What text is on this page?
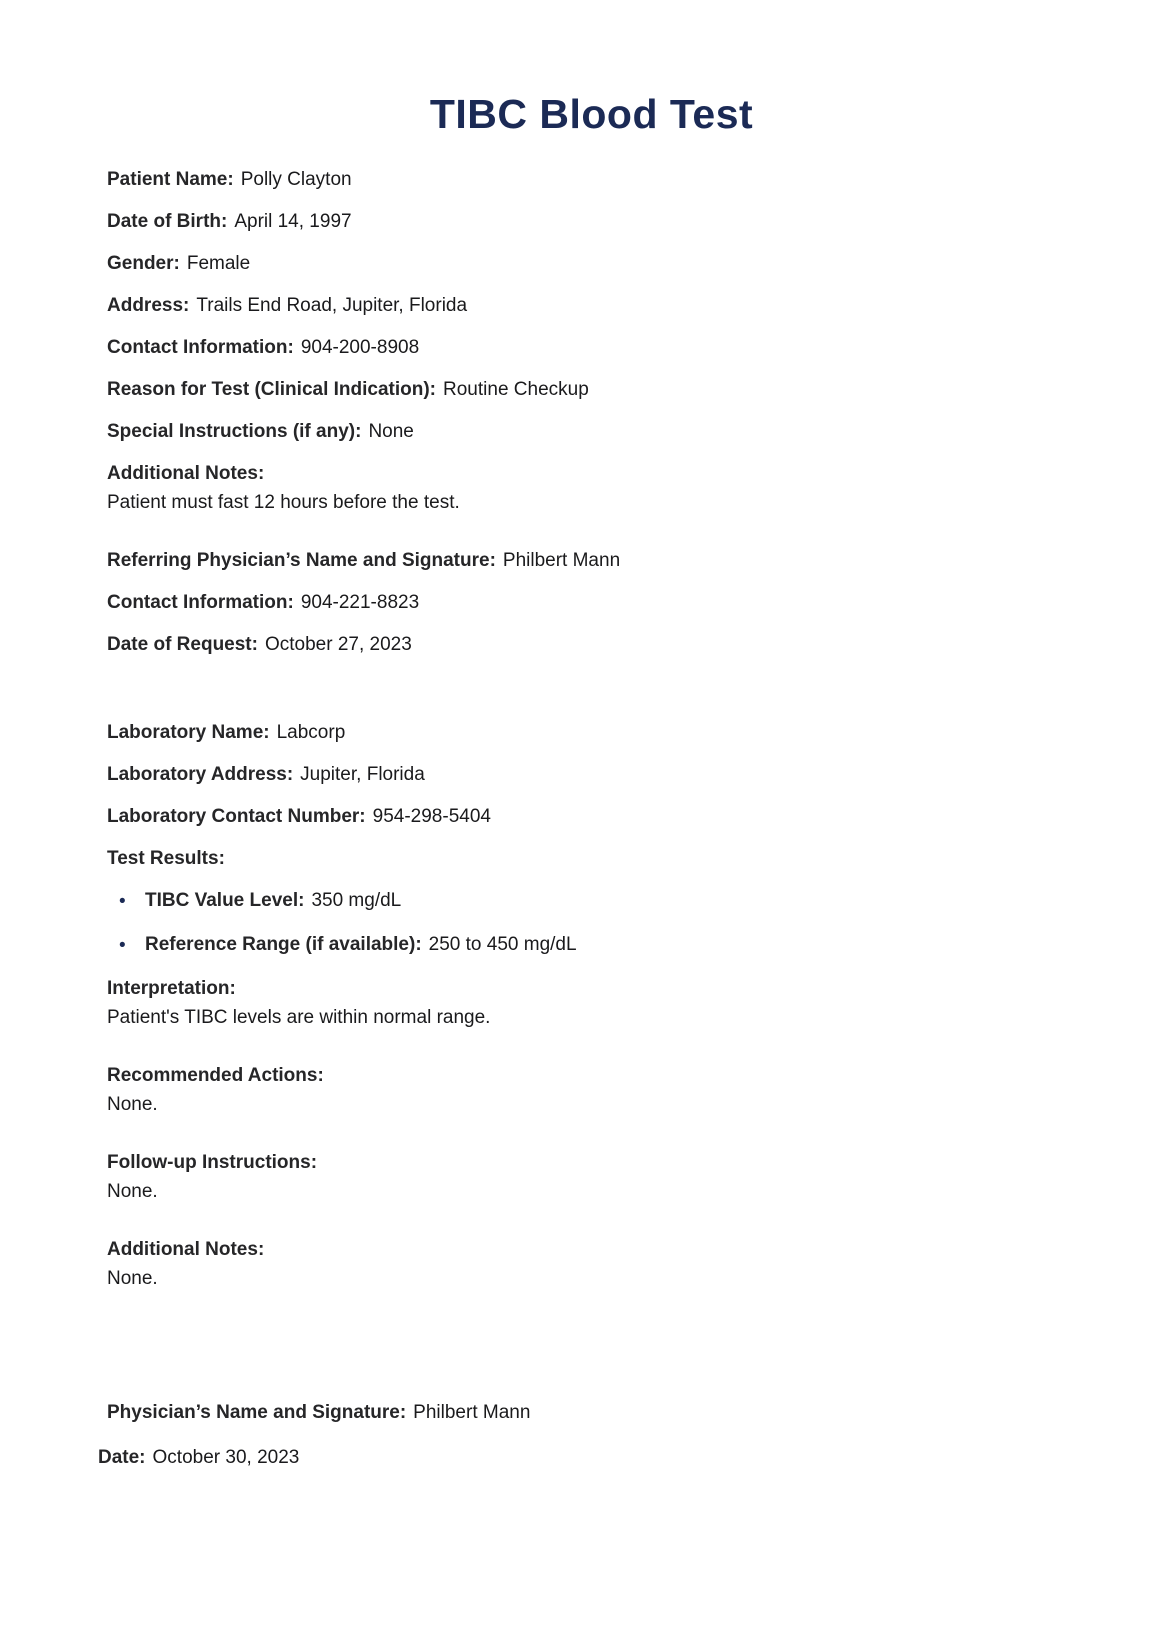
TIBC Blood Test
Patient Name: Polly Clayton
Date of Birth: April 14, 1997
Gender: Female
Address: Trails End Road, Jupiter, Florida
Contact Information: 904-200-8908
Reason for Test (Clinical Indication): Routine Checkup
Special Instructions (if any): None
Additional Notes:
Patient must fast 12 hours before the test.
Referring Physician’s Name and Signature: Philbert Mann
Contact Information: 904-221-8823
Date of Request: October 27, 2023
Laboratory Name: Labcorp
Laboratory Address: Jupiter, Florida
Laboratory Contact Number: 954-298-5404
Test Results:
• TIBC Value Level: 350 mg/dL
• Reference Range (if available): 250 to 450 mg/dL
Interpretation:
Patient's TIBC levels are within normal range.
Recommended Actions:
None.
Follow-up Instructions:
None.
Additional Notes:
None.
Physician’s Name and Signature: Philbert Mann
Date: October 30, 2023
